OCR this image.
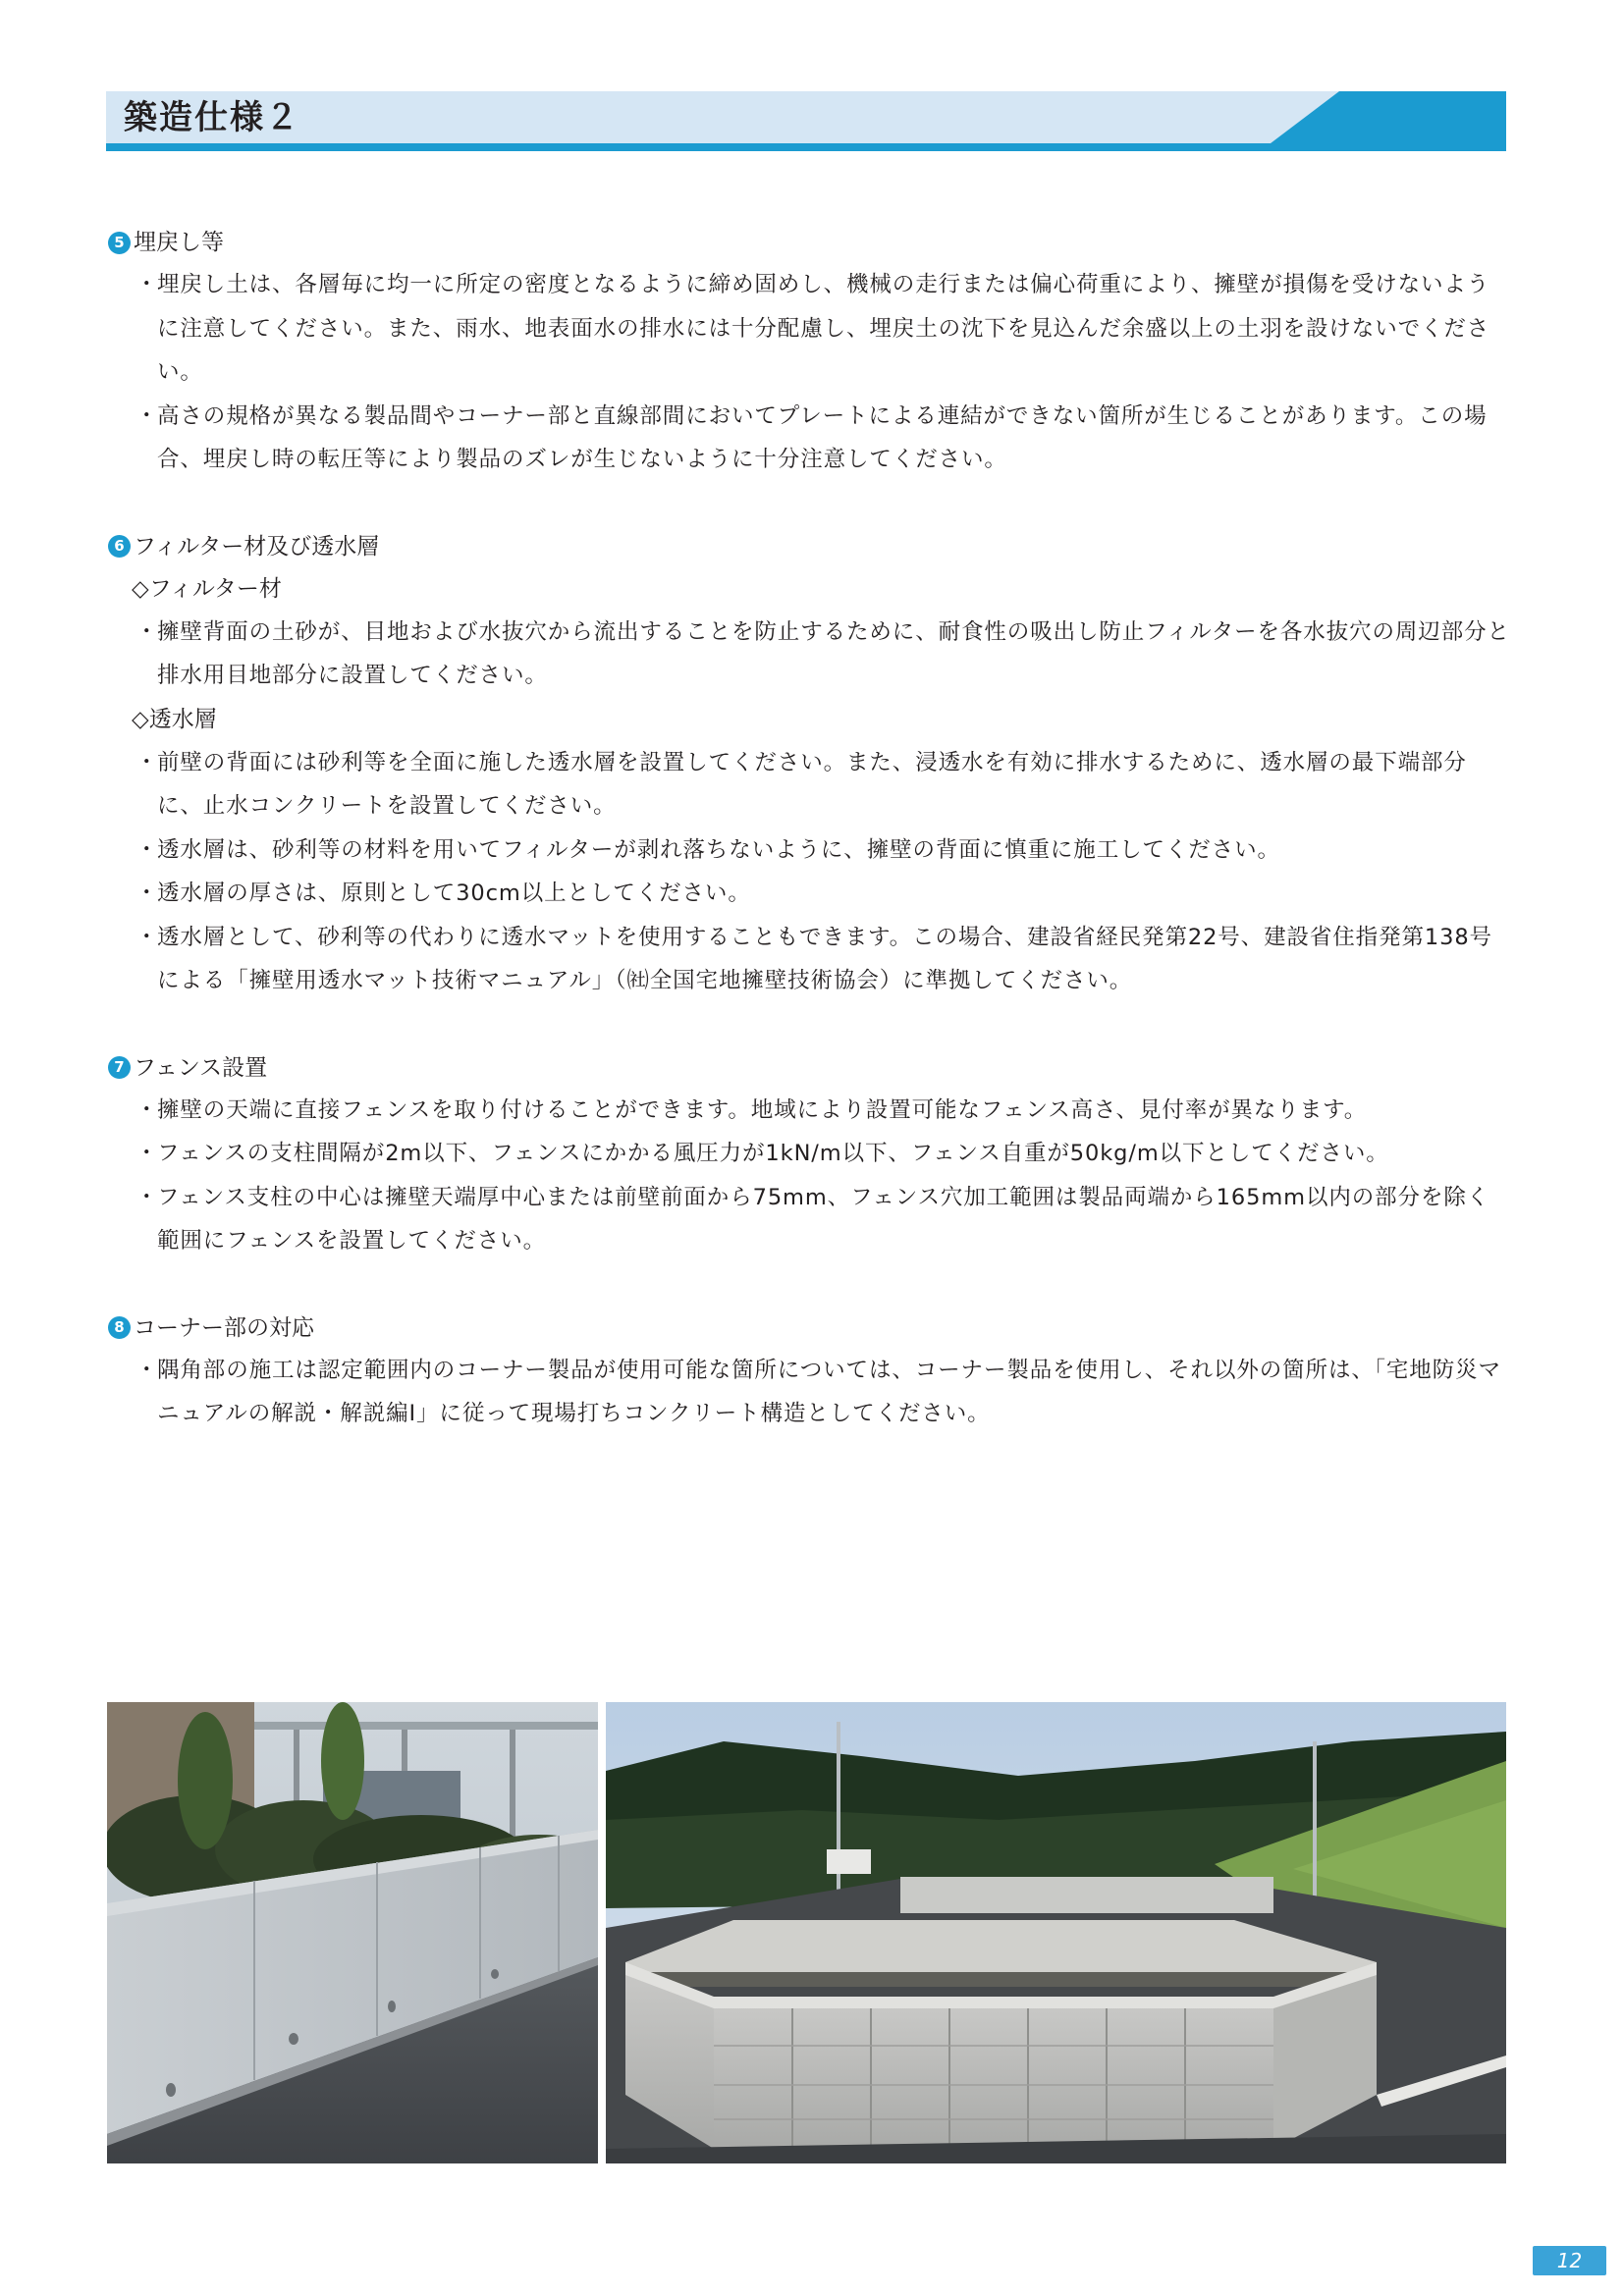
築造仕様２
5 埋戻し等
・
埋戻し土は、各層毎に均一に所定の密度となるように締め固めし、機械の走行または偏心荷重により、擁壁が損傷を受けないように注意してください。また、雨水、地表面水の排水には十分配慮し、埋戻土の沈下を見込んだ余盛以上の土羽を設けないでください。
・
高さの規格が異なる製品間やコーナー部と直線部間においてプレートによる連結ができない箇所が生じることがあります。この場合、埋戻し時の転圧等により製品のズレが生じないように十分注意してください。
6 フィルター材及び透水層
◇フィルター材
・
擁壁背面の土砂が、目地および水抜穴から流出することを防止するために、耐食性の吸出し防止フィルターを各水抜穴の周辺部分と排水用目地部分に設置してください。
◇透水層
・
前壁の背面には砂利等を全面に施した透水層を設置してください。また、浸透水を有効に排水するために、透水層の最下端部分に、止水コンクリートを設置してください。
・
透水層は、砂利等の材料を用いてフィルターが剥れ落ちないように、擁壁の背面に慎重に施工してください。
・
透水層の厚さは、原則として30cm以上としてください。
・
透水層として、砂利等の代わりに透水マットを使用することもできます。この場合、建設省経民発第22号、建設省住指発第138号による「擁壁用透水マット技術マニュアル」（㈳全国宅地擁壁技術協会）に準拠してください。
7 フェンス設置
・
擁壁の天端に直接フェンスを取り付けることができます。地域により設置可能なフェンス高さ、見付率が異なります。
・
フェンスの支柱間隔が2m以下、フェンスにかかる風圧力が1kN/m以下、フェンス自重が50kg/m以下としてください。
・
フェンス支柱の中心は擁壁天端厚中心または前壁前面から75mm、フェンス穴加工範囲は製品両端から165mm以内の部分を除く範囲にフェンスを設置してください。
8 コーナー部の対応
・
隅角部の施工は認定範囲内のコーナー製品が使用可能な箇所については、コーナー製品を使用し、それ以外の箇所は、「宅地防災マニュアルの解説・解説編Ⅰ」に従って現場打ちコンクリート構造としてください。
12
